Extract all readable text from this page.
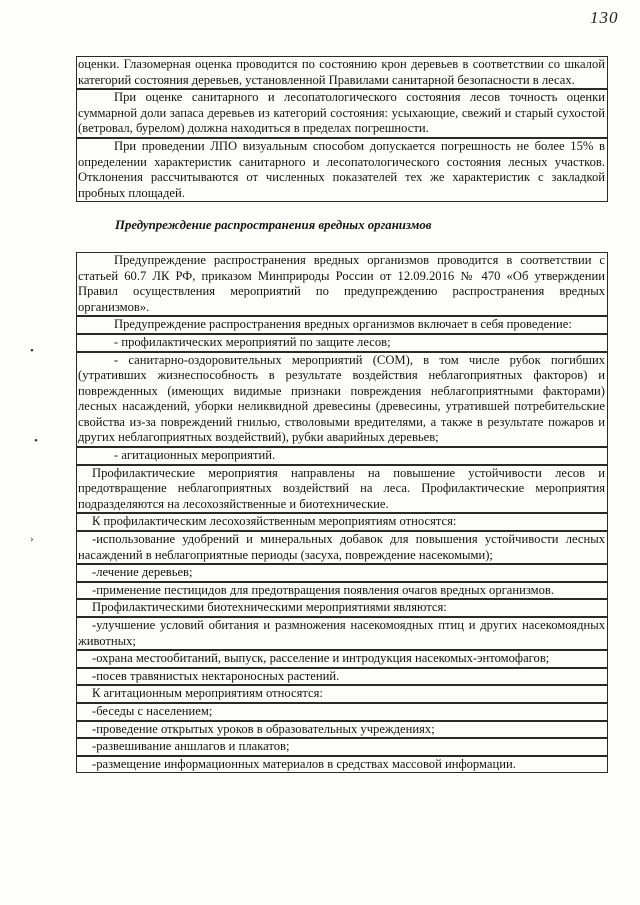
130
•
•
›
оценки. Глазомерная оценка проводится по состоянию крон деревьев в соответствии со шкалой категорий состояния деревьев, установленной Правилами санитарной безопасности в лесах.
При оценке санитарного и лесопатологического состояния лесов точность оценки суммарной доли запаса деревьев из категорий состояния: усыхающие, свежий и старый сухостой (ветровал, бурелом) должна находиться в пределах погрешности.
При проведении ЛПО визуальным способом допускается погрешность не более 15% в определении характеристик санитарного и лесопатологического состояния лесных участков. Отклонения рассчитываются от численных показателей тех же характеристик с закладкой пробных площадей.
Предупреждение распространения вредных организмов
Предупреждение распространения вредных организмов проводится в соответствии с статьей 60.7 ЛК РФ, приказом Минприроды России от 12.09.2016 № 470 «Об утверждении Правил осуществления мероприятий по предупреждению распространения вредных организмов».
Предупреждение распространения вредных организмов включает в себя проведение:
- профилактических мероприятий по защите лесов;
- санитарно-оздоровительных мероприятий (СОМ), в том числе рубок погибших (утративших жизнеспособность в результате воздействия неблагоприятных факторов) и поврежденных (имеющих видимые признаки повреждения неблагоприятными факторами) лесных насаждений, уборки неликвидной древесины (древесины, утратившей потребительские свойства из-за повреждений гнилью, стволовыми вредителями, а также в результате пожаров и других неблагоприятных воздействий), рубки аварийных деревьев;
- агитационных мероприятий.
Профилактические мероприятия направлены на повышение устойчивости лесов и предотвращение неблагоприятных воздействий на леса. Профилактические мероприятия подразделяются на лесохозяйственные и биотехнические.
К профилактическим лесохозяйственным мероприятиям относятся:
-использование удобрений и минеральных добавок для повышения устойчивости лесных насаждений в неблагоприятные периоды (засуха, повреждение насекомыми);
-лечение деревьев;
-применение пестицидов для предотвращения появления очагов вредных организмов.
Профилактическими биотехническими мероприятиями являются:
-улучшение условий обитания и размножения насекомоядных птиц и других насекомоядных животных;
-охрана местообитаний, выпуск, расселение и интродукция насекомых-энтомофагов;
-посев травянистых нектароносных растений.
К агитационным мероприятиям относятся:
-беседы с населением;
-проведение открытых уроков в образовательных учреждениях;
-развешивание аншлагов и плакатов;
-размещение информационных материалов в средствах массовой информации.
